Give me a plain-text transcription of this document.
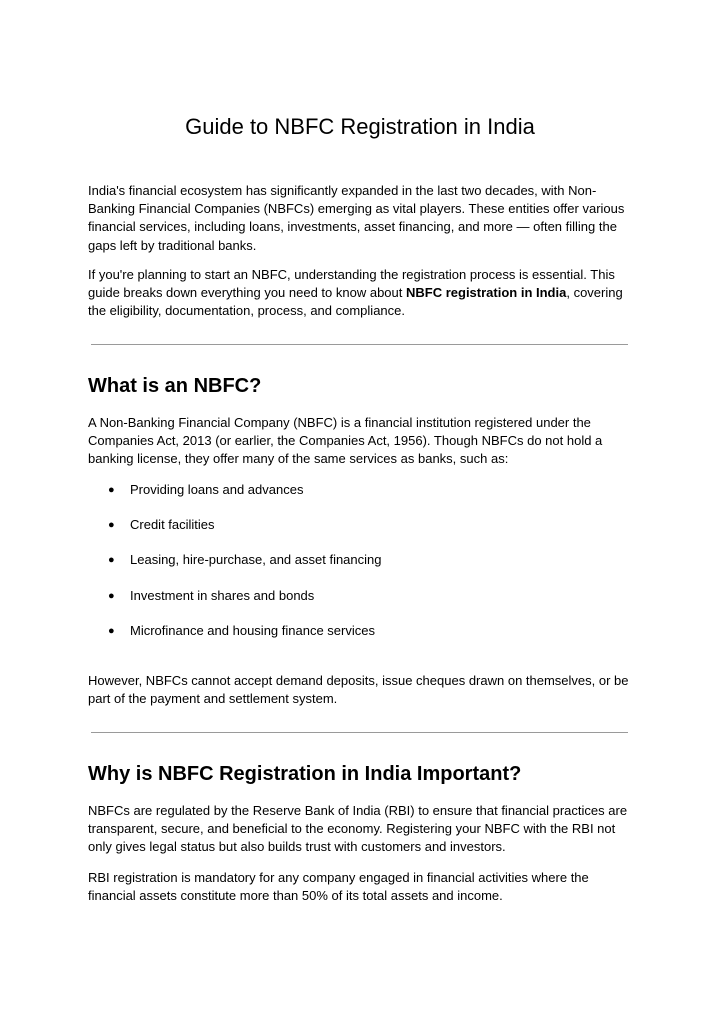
Guide to NBFC Registration in India

India's financial ecosystem has significantly expanded in the last two decades, with Non-Banking Financial Companies (NBFCs) emerging as vital players. These entities offer various financial services, including loans, investments, asset financing, and more — often filling the gaps left by traditional banks.

If you're planning to start an NBFC, understanding the registration process is essential. This guide breaks down everything you need to know about NBFC registration in India, covering the eligibility, documentation, process, and compliance.

What is an NBFC?

A Non-Banking Financial Company (NBFC) is a financial institution registered under the Companies Act, 2013 (or earlier, the Companies Act, 1956). Though NBFCs do not hold a banking license, they offer many of the same services as banks, such as:

● Providing loans and advances
● Credit facilities
● Leasing, hire-purchase, and asset financing
● Investment in shares and bonds
● Microfinance and housing finance services

However, NBFCs cannot accept demand deposits, issue cheques drawn on themselves, or be part of the payment and settlement system.

Why is NBFC Registration in India Important?

NBFCs are regulated by the Reserve Bank of India (RBI) to ensure that financial practices are transparent, secure, and beneficial to the economy. Registering your NBFC with the RBI not only gives legal status but also builds trust with customers and investors.

RBI registration is mandatory for any company engaged in financial activities where the financial assets constitute more than 50% of its total assets and income.
